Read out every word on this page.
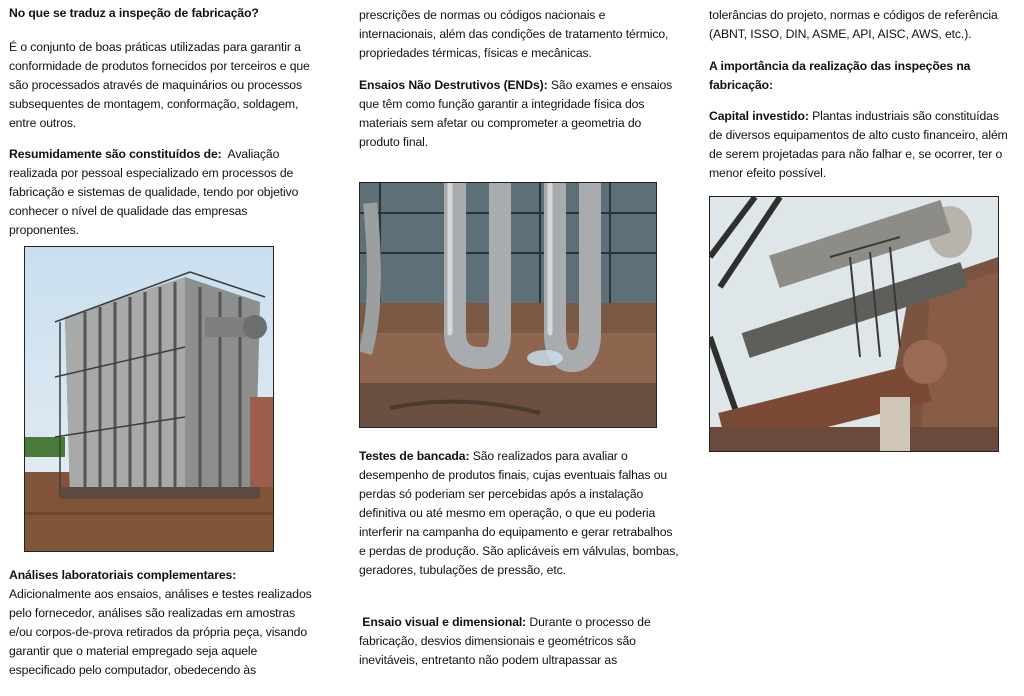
No que se traduz a inspeção de fabricação?

É o conjunto de boas práticas utilizadas para garantir a conformidade de produtos fornecidos por terceiros e que são processados através de maquinários ou processos subsequentes de montagem, conformação, soldagem, entre outros.

Resumidamente são constituídos de: Avaliação realizada por pessoal especializado em processos de fabricação e sistemas de qualidade, tendo por objetivo conhecer o nível de qualidade das empresas proponentes.

Análises laboratoriais complementares:
Adicionalmente aos ensaios, análises e testes realizados pelo fornecedor, análises são realizadas em amostras e/ou corpos-de-prova retirados da própria peça, visando garantir que o material empregado seja aquele especificado pelo computador, obedecendo às

prescrições de normas ou códigos nacionais e internacionais, além das condições de tratamento térmico, propriedades térmicas, físicas e mecânicas.

Ensaios Não Destrutivos (ENDs): São exames e ensaios que têm como função garantir a integridade física dos materiais sem afetar ou comprometer a geometria do produto final.

Testes de bancada: São realizados para avaliar o desempenho de produtos finais, cujas eventuais falhas ou perdas só poderiam ser percebidas após a instalação definitiva ou até mesmo em operação, o que eu poderia interferir na campanha do equipamento e gerar retrabalhos e perdas de produção. São aplicáveis em válvulas, bombas, geradores, tubulações de pressão, etc.

Ensaio visual e dimensional: Durante o processo de fabricação, desvios dimensionais e geométricos são inevitáveis, entretanto não podem ultrapassar as

tolerâncias do projeto, normas e códigos de referência (ABNT, ISSO, DIN, ASME, API, AISC, AWS, etc.).

A importância da realização das inspeções na fabricação:

Capital investido: Plantas industriais são constituídas de diversos equipamentos de alto custo financeiro, além de serem projetadas para não falhar e, se ocorrer, ter o menor efeito possível.
